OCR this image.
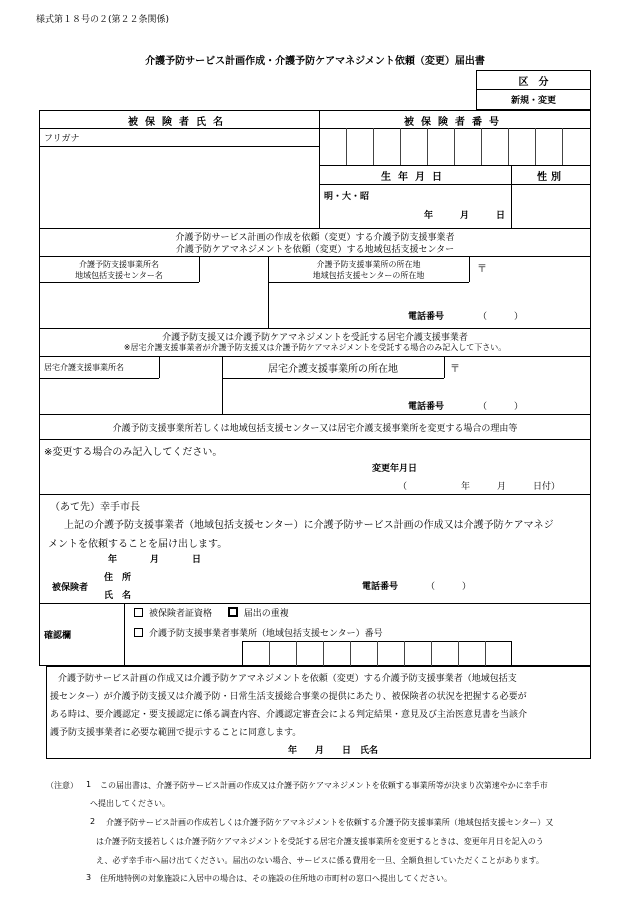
様式第１８号の２(第２２条関係)
介護予防サービス計画作成・介護予防ケアマネジメント依頼（変更）届出書
区　分
新規・変更
被保険者氏名	被保険者番号
フリガナ
生年月日	性別
明・大・昭
年	月	日
介護予防サービス計画の作成を依頼（変更）する介護予防支援事業者
介護予防ケアマネジメントを依頼（変更）する地域包括支援センター
介護予防支援事業所名
地域包括支援センター名
介護予防支援事業所の所在地
地域包括支援センターの所在地
〒
電話番号	（　　　）
介護予防支援又は介護予防ケアマネジメントを受託する居宅介護支援事業者
※居宅介護支援事業者が介護予防支援又は介護予防ケアマネジメントを受託する場合のみ記入して下さい。
居宅介護支援事業所名	居宅介護支援事業所の所在地	〒
電話番号	（　　　）
介護予防支援事業所若しくは地域包括支援センター又は居宅介護支援事業所を変更する場合の理由等
※変更する場合のみ記入してください。
変更年月日
（　　　　　　年　　　月　　　日付）
（あて先）幸手市長
上記の介護予防支援事業者（地域包括支援センター）に介護予防サービス計画の作成又は介護予防ケアマネジ
メントを依頼することを届け出します。
年	月	日
被保険者
住　所
氏　名
電話番号	（　　　）
確認欄
被保険者証資格	届出の重複
介護予防支援事業者事業所（地域包括支援センター）番号
介護予防サービス計画の作成又は介護予防ケアマネジメントを依頼（変更）する介護予防支援事業者（地域包括支
援センター）が介護予防支援又は介護予防・日常生活支援総合事業の提供にあたり、被保険者の状況を把握する必要が
ある時は、要介護認定・要支援認定に係る調査内容、介護認定審査会による判定結果・意見及び主治医意見書を当該介
護予防支援事業者に必要な範囲で提示することに同意します。
年　　月　　日　氏名
（注意） 1 この届出書は、介護予防サービス計画の作成又は介護予防ケアマネジメントを依頼する事業所等が決まり次第速やかに幸手市
へ提出してください。
2 介護予防サービス計画の作成若しくは介護予防ケアマネジメントを依頼する介護予防支援事業所（地域包括支援センター）又
は介護予防支援若しくは介護予防ケアマネジメントを受託する居宅介護支援事業所を変更するときは、変更年月日を記入のう
え、必ず幸手市へ届け出てください。届出のない場合、サービスに係る費用を一旦、全額負担していただくことがあります。
3 住所地特例の対象施設に入居中の場合は、その施設の住所地の市町村の窓口へ提出してください。
